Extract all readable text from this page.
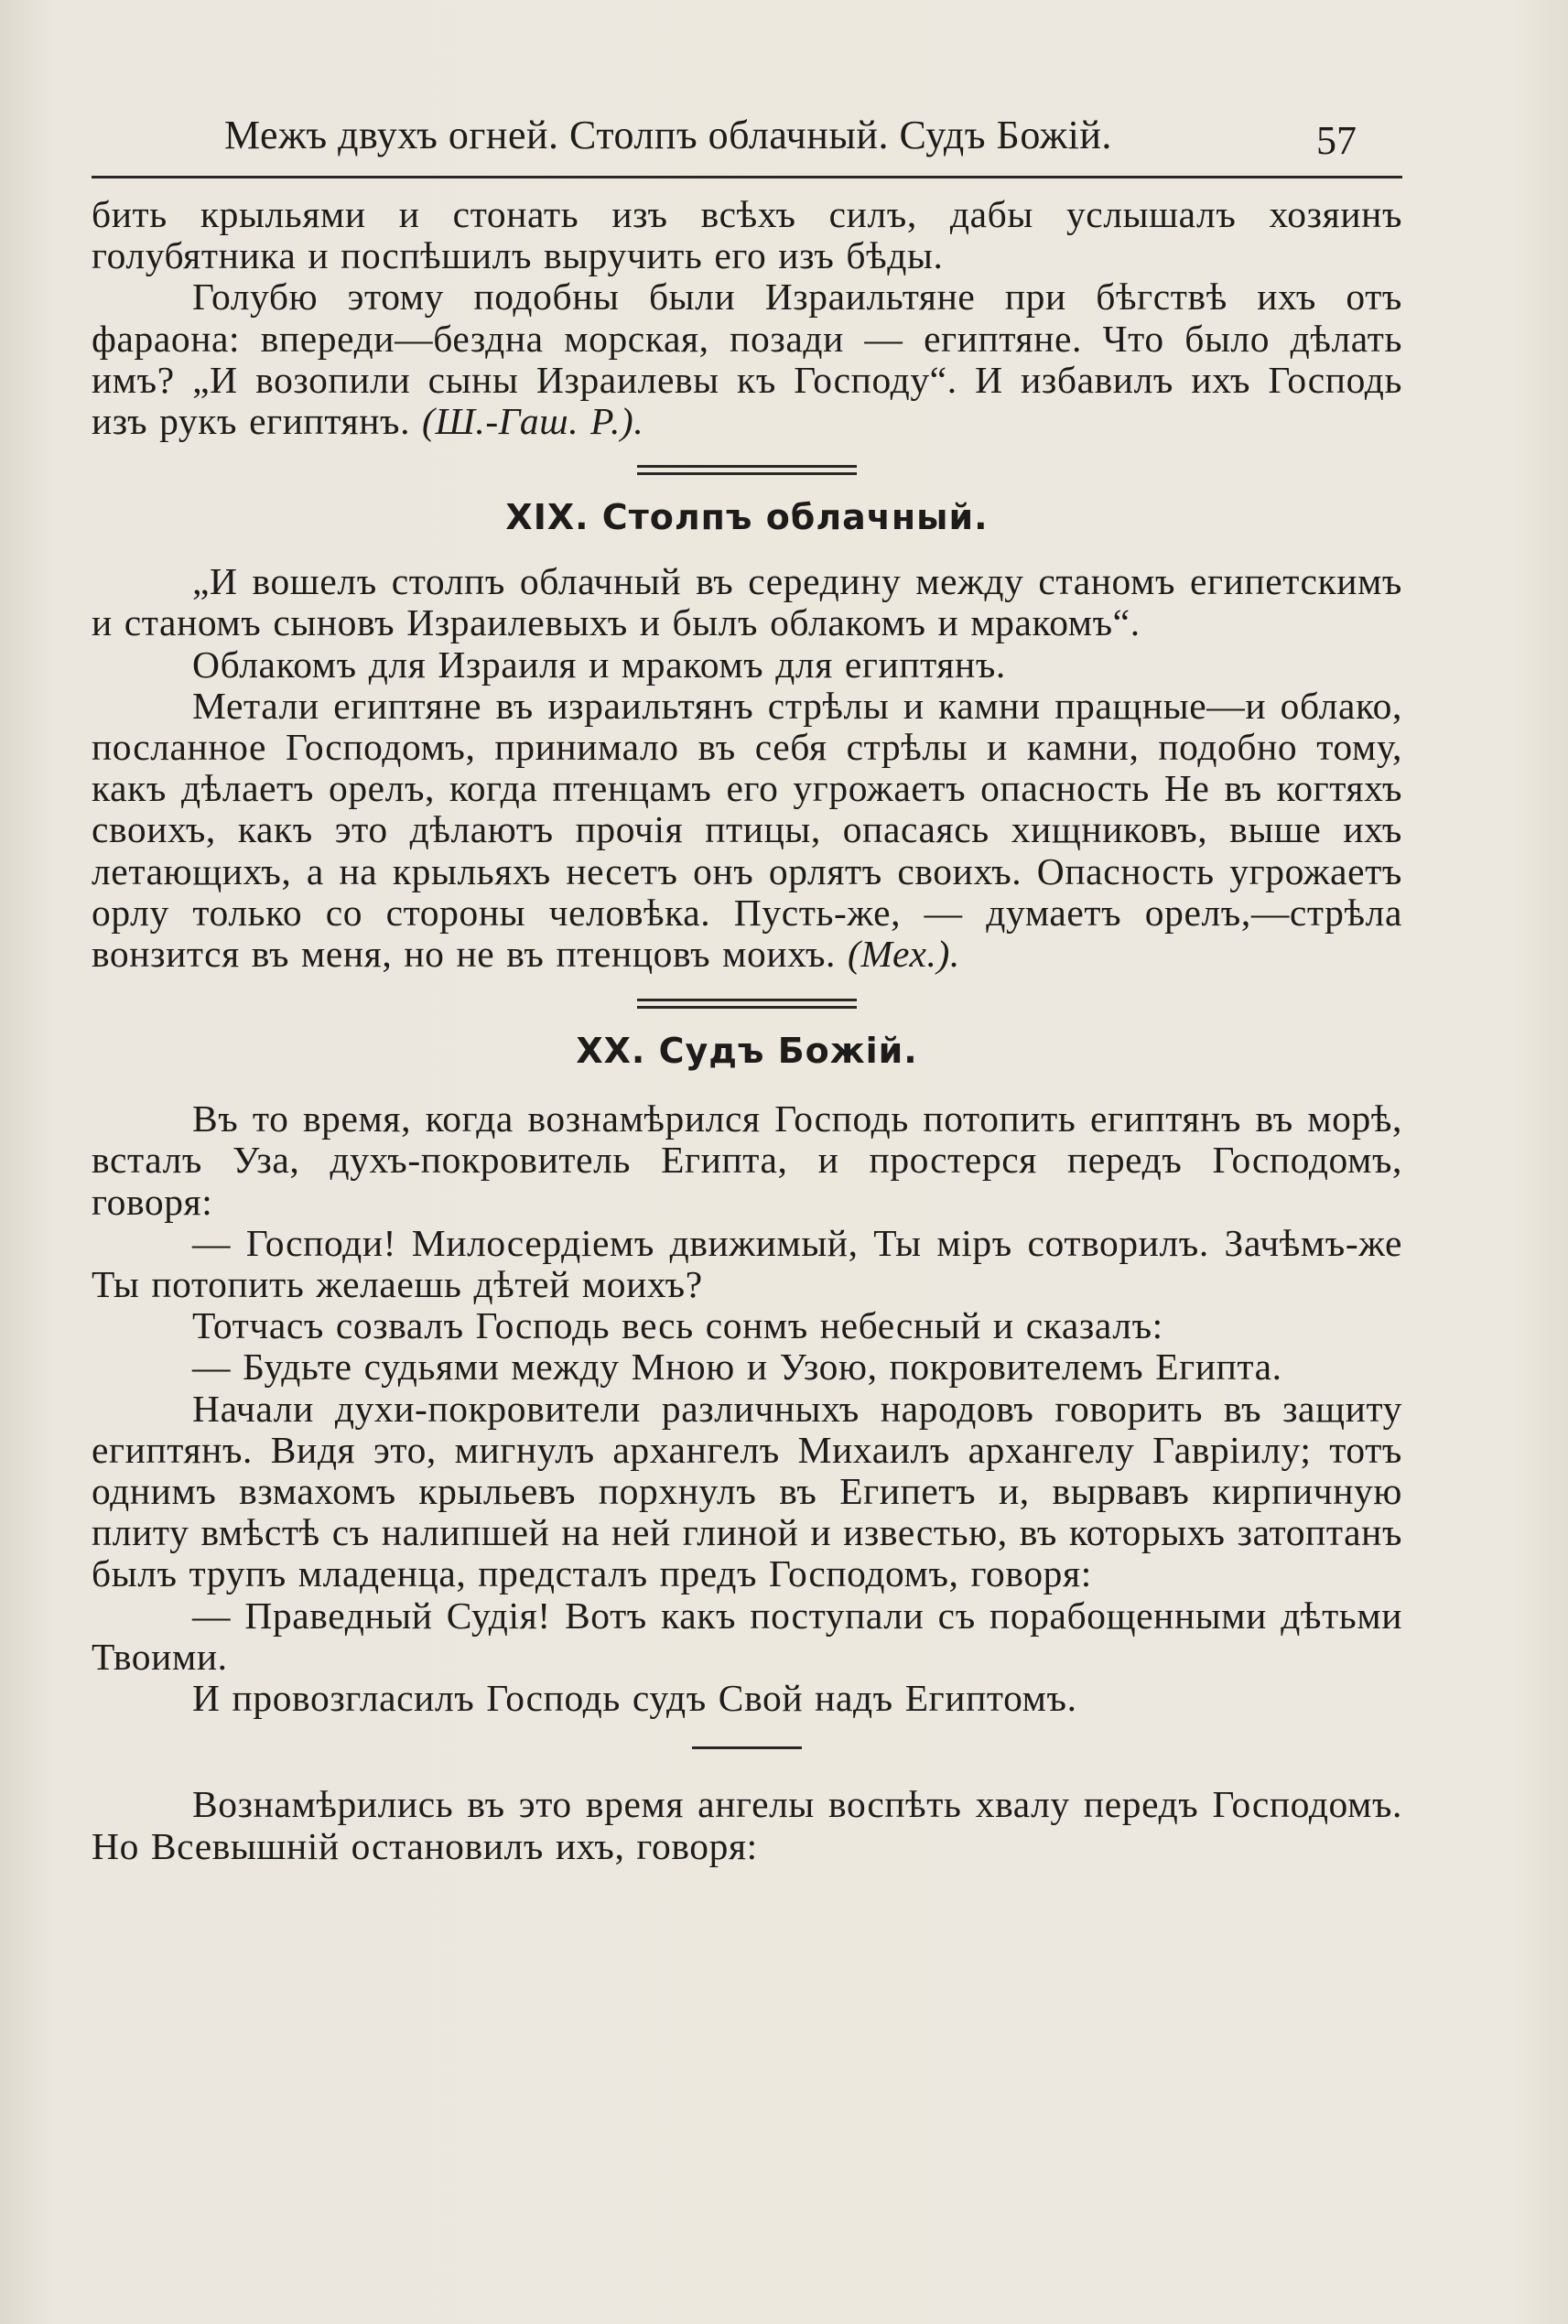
Межъ двухъ огней. Столпъ облачный. Судъ Божій.	57

бить крыльями и стонать изъ всѣхъ силъ, дабы услышалъ хозяинъ голубятника и поспѣшилъ выручить его изъ бѣды.

Голубю этому подобны были Израильтяне при бѣгствѣ ихъ отъ фараона: впереди—бездна морская, позади — египтяне. Что было дѣлать имъ? „И возопили сыны Израилевы къ Господу“. И избавилъ ихъ Господь изъ рукъ египтянъ. (Ш.-Гаш. Р.).

XIX. Столпъ облачный.

„И вошелъ столпъ облачный въ середину между станомъ египетскимъ и станомъ сыновъ Израилевыхъ и былъ облакомъ и мракомъ“.

Облакомъ для Израиля и мракомъ для египтянъ.

Метали египтяне въ израильтянъ стрѣлы и камни пращные—и облако, посланное Господомъ, принимало въ себя стрѣлы и камни, подобно тому, какъ дѣлаетъ орелъ, когда птенцамъ его угрожаетъ опасность Не въ когтяхъ своихъ, какъ это дѣлаютъ прочія птицы, опасаясь хищниковъ, выше ихъ летающихъ, а на крыльяхъ несетъ онъ орлятъ своихъ. Опасность угрожаетъ орлу только со стороны человѣка. Пусть-же, — думаетъ орелъ,—стрѣла вонзится въ меня, но не въ птенцовъ моихъ. (Мех.).

XX. Судъ Божій.

Въ то время, когда вознамѣрился Господь потопить египтянъ въ морѣ, всталъ Уза, духъ-покровитель Египта, и простерся передъ Господомъ, говоря:

— Господи! Милосердіемъ движимый, Ты міръ сотворилъ. Зачѣмъ-же Ты потопить желаешь дѣтей моихъ?

Тотчасъ созвалъ Господь весь сонмъ небесный и сказалъ:

— Будьте судьями между Мною и Узою, покровителемъ Египта.

Начали духи-покровители различныхъ народовъ говорить въ защиту египтянъ. Видя это, мигнулъ архангелъ Михаилъ архангелу Гавріилу; тотъ однимъ взмахомъ крыльевъ порхнулъ въ Египетъ и, вырвавъ кирпичную плиту вмѣстѣ съ налипшей на ней глиной и известью, въ которыхъ затоптанъ былъ трупъ младенца, предсталъ предъ Господомъ, говоря:

— Праведный Судія! Вотъ какъ поступали съ порабощенными дѣтьми Твоими.

И провозгласилъ Господь судъ Свой надъ Египтомъ.

Вознамѣрились въ это время ангелы воспѣть хвалу передъ Господомъ. Но Всевышній остановилъ ихъ, говоря:
